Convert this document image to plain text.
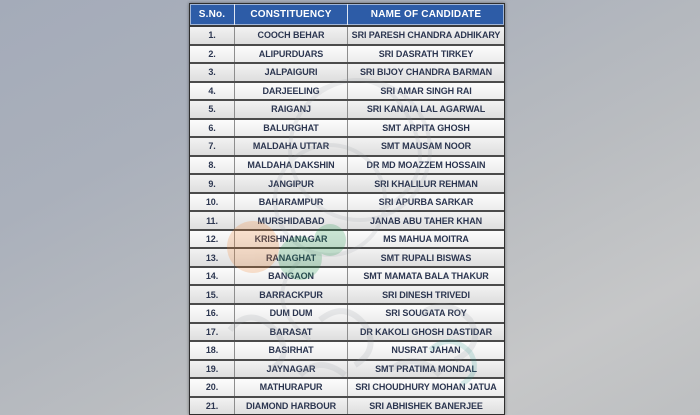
S.No.	CONSTITUENCY	NAME OF CANDIDATE
1.	COOCH BEHAR	SRI PARESH CHANDRA ADHIKARY
2.	ALIPURDUARS	SRI DASRATH TIRKEY
3.	JALPAIGURI	SRI BIJOY CHANDRA BARMAN
4.	DARJEELING	SRI AMAR SINGH RAI
5.	RAIGANJ	SRI KANAIA LAL AGARWAL
6.	BALURGHAT	SMT ARPITA GHOSH
7.	MALDAHA UTTAR	SMT MAUSAM NOOR
8.	MALDAHA DAKSHIN	DR MD MOAZZEM HOSSAIN
9.	JANGIPUR	SRI KHALILUR REHMAN
10.	BAHARAMPUR	SRI APURBA SARKAR
11.	MURSHIDABAD	JANAB ABU TAHER KHAN
12.	KRISHNANAGAR	MS MAHUA MOITRA
13.	RANAGHAT	SMT RUPALI BISWAS
14.	BANGAON	SMT MAMATA BALA THAKUR
15.	BARRACKPUR	SRI DINESH TRIVEDI
16.	DUM DUM	SRI SOUGATA ROY
17.	BARASAT	DR KAKOLI GHOSH DASTIDAR
18.	BASIRHAT	NUSRAT JAHAN
19.	JAYNAGAR	SMT PRATIMA MONDAL
20.	MATHURAPUR	SRI CHOUDHURY MOHAN JATUA
21.	DIAMOND HARBOUR	SRI ABHISHEK BANERJEE
